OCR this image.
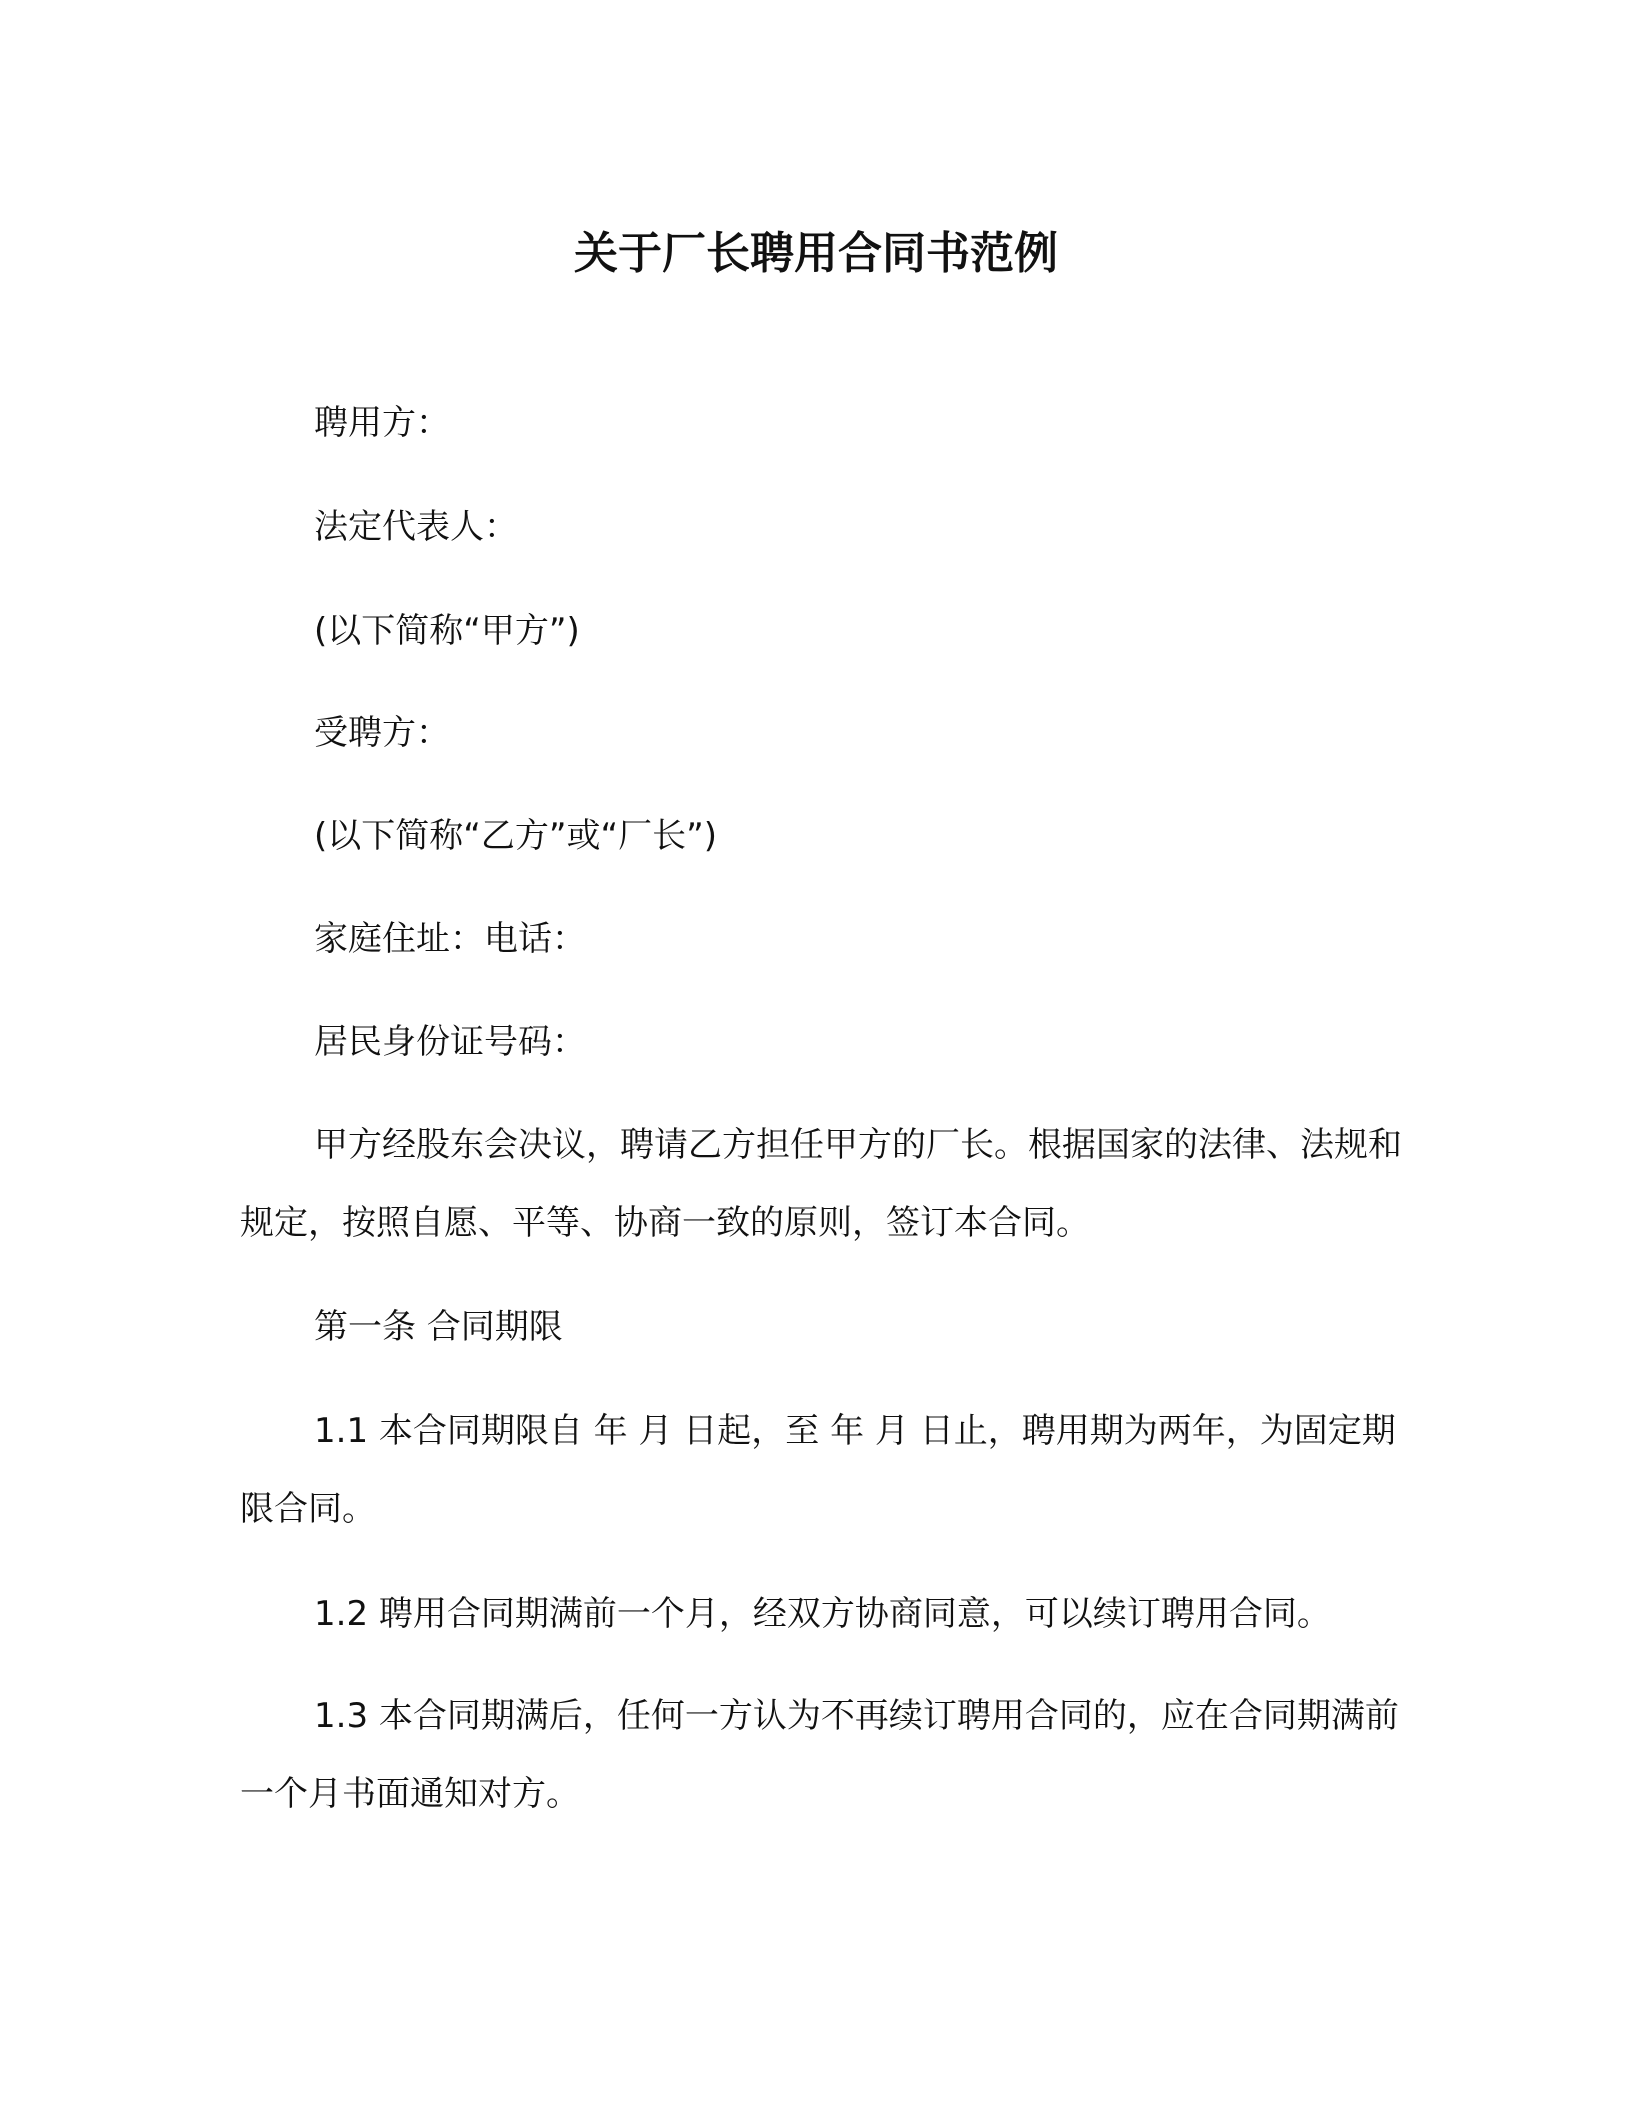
关于厂长聘用合同书范例
聘用方：
法定代表人：
(以下简称“甲方”)
受聘方：
(以下简称“乙方”或“厂长”)
家庭住址：电话：
居民身份证号码：
甲方经股东会决议，聘请乙方担任甲方的厂长。根据国家的法律、法规和规定，按照自愿、平等、协商一致的原则，签订本合同。
第一条 合同期限
1.1 本合同期限自 年 月 日起，至 年 月 日止，聘用期为两年，为固定期限合同。
1.2 聘用合同期满前一个月，经双方协商同意，可以续订聘用合同。
1.3 本合同期满后，任何一方认为不再续订聘用合同的，应在合同期满前一个月书面通知对方。
